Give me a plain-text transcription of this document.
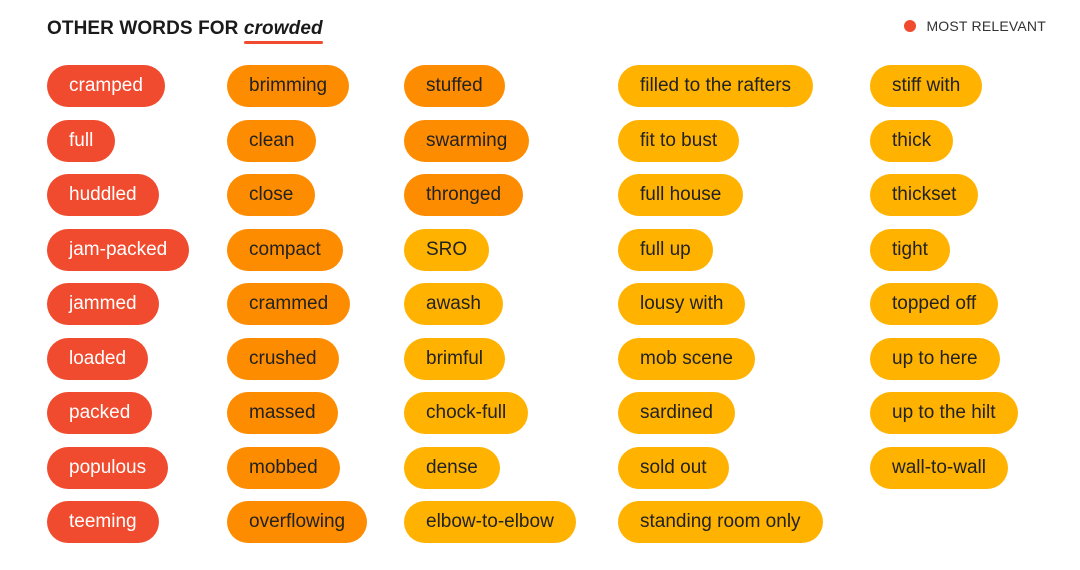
OTHER WORDS FOR crowded	MOST RELEVANT
cramped
full
huddled
jam-packed
jammed
loaded
packed
populous
teeming
brimming
clean
close
compact
crammed
crushed
massed
mobbed
overflowing
stuffed
swarming
thronged
SRO
awash
brimful
chock-full
dense
elbow-to-elbow
filled to the rafters
fit to bust
full house
full up
lousy with
mob scene
sardined
sold out
standing room only
stiff with
thick
thickset
tight
topped off
up to here
up to the hilt
wall-to-wall
